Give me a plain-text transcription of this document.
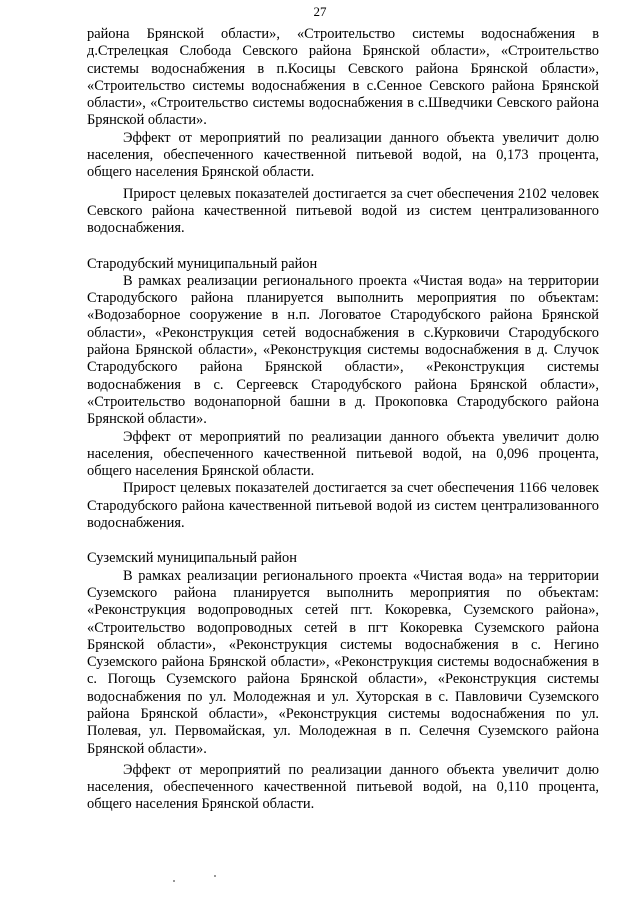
27

района Брянской области», «Строительство системы водоснабжения в д.Стрелецкая Слобода Севского района Брянской области», «Строительство системы водоснабжения в п.Косицы Севского района Брянской области», «Строительство системы водоснабжения в с.Сенное Севского района Брянской области», «Строительство системы водоснабжения в с.Шведчики Севского района Брянской области».

Эффект от мероприятий по реализации данного объекта увеличит долю населения, обеспеченного качественной питьевой водой, на 0,173 процента, общего населения Брянской области.

Прирост целевых показателей достигается за счет обеспечения 2102 человек Севского района качественной питьевой водой из систем централизованного водоснабжения.

Стародубский муниципальный район

В рамках реализации регионального проекта «Чистая вода» на территории Стародубского района планируется выполнить мероприятия по объектам: «Водозаборное сооружение в н.п. Логоватое Стародубского района Брянской области», «Реконструкция сетей водоснабжения в с.Курковичи Стародубского района Брянской области», «Реконструкция системы водоснабжения в д. Случок Стародубского района Брянской области», «Реконструкция системы водоснабжения в с. Сергеевск Стародубского района Брянской области», «Строительство водонапорной башни в д. Прокоповка Стародубского района Брянской области».

Эффект от мероприятий по реализации данного объекта увеличит долю населения, обеспеченного качественной питьевой водой, на 0,096 процента, общего населения Брянской области.

Прирост целевых показателей достигается за счет обеспечения 1166 человек Стародубского района качественной питьевой водой из систем централизованного водоснабжения.

Суземский муниципальный район

В рамках реализации регионального проекта «Чистая вода» на территории Суземского района планируется выполнить мероприятия по объектам: «Реконструкция водопроводных сетей пгт. Кокоревка, Суземского района», «Строительство водопроводных сетей в пгт Кокоревка Суземского района Брянской области», «Реконструкция системы водоснабжения в с. Негино Суземского района Брянской области», «Реконструкция системы водоснабжения в с. Погощь Суземского района Брянской области», «Реконструкция системы водоснабжения по ул. Молодежная и ул. Хуторская в с. Павловичи Суземского района Брянской области», «Реконструкция системы водоснабжения по ул. Полевая, ул. Первомайская, ул. Молодежная в п. Селечня Суземского района Брянской области».

Эффект от мероприятий по реализации данного объекта увеличит долю населения, обеспеченного качественной питьевой водой, на 0,110 процента, общего населения Брянской области.
